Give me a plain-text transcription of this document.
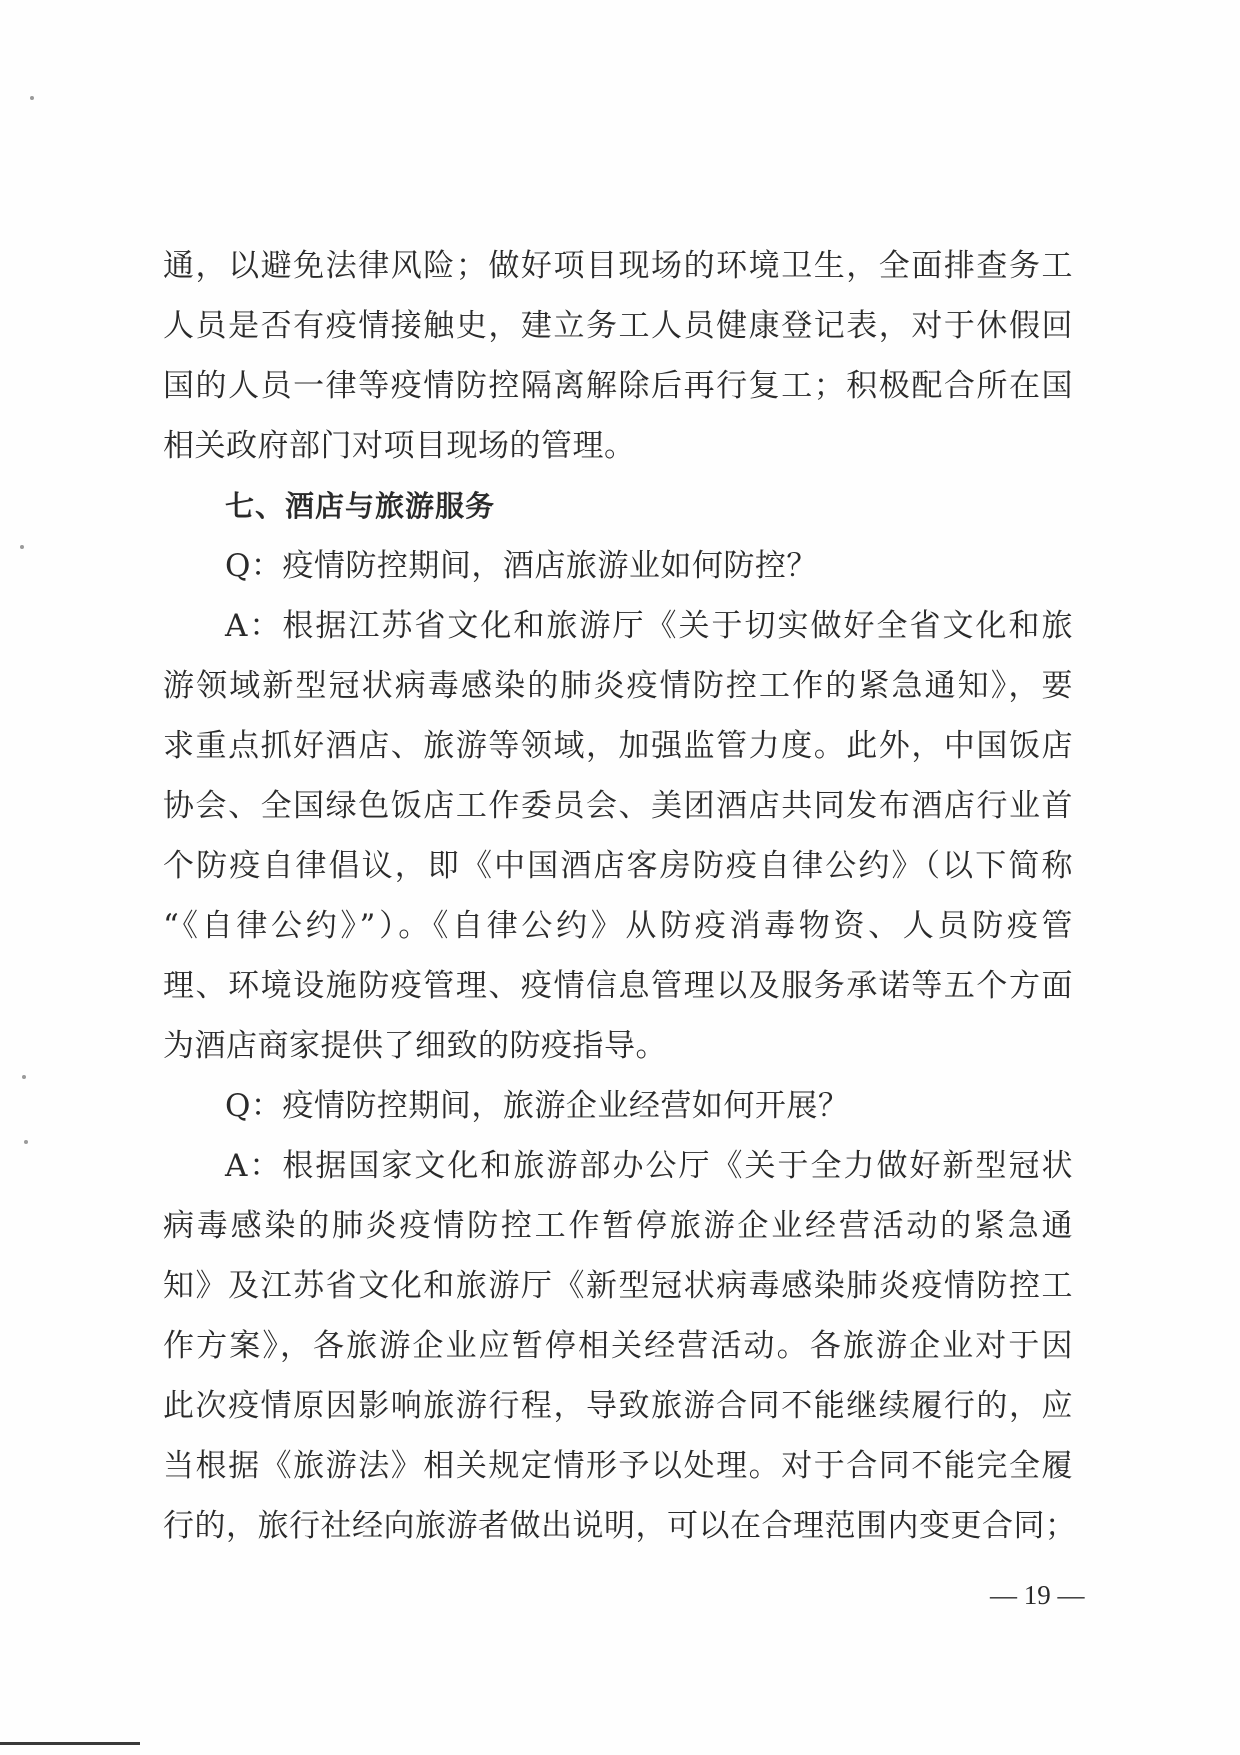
通，以避免法律风险；做好项目现场的环境卫生，全面排查务工
人员是否有疫情接触史，建立务工人员健康登记表，对于休假回
国的人员一律等疫情防控隔离解除后再行复工；积极配合所在国
相关政府部门对项目现场的管理。
七、酒店与旅游服务
Q：疫情防控期间，酒店旅游业如何防控？
A：根据江苏省文化和旅游厅《关于切实做好全省文化和旅
游领域新型冠状病毒感染的肺炎疫情防控工作的紧急通知》，要
求重点抓好酒店、旅游等领域，加强监管力度。此外，中国饭店
协会、全国绿色饭店工作委员会、美团酒店共同发布酒店行业首
个防疫自律倡议，即《中国酒店客房防疫自律公约》（以下简称
“《自律公约》”）。《自律公约》从防疫消毒物资、人员防疫管
理、环境设施防疫管理、疫情信息管理以及服务承诺等五个方面
为酒店商家提供了细致的防疫指导。
Q：疫情防控期间，旅游企业经营如何开展？
A：根据国家文化和旅游部办公厅《关于全力做好新型冠状
病毒感染的肺炎疫情防控工作暂停旅游企业经营活动的紧急通
知》及江苏省文化和旅游厅《新型冠状病毒感染肺炎疫情防控工
作方案》，各旅游企业应暂停相关经营活动。各旅游企业对于因
此次疫情原因影响旅游行程，导致旅游合同不能继续履行的，应
当根据《旅游法》相关规定情形予以处理。对于合同不能完全履
行的，旅行社经向旅游者做出说明，可以在合理范围内变更合同；
— 19 —
